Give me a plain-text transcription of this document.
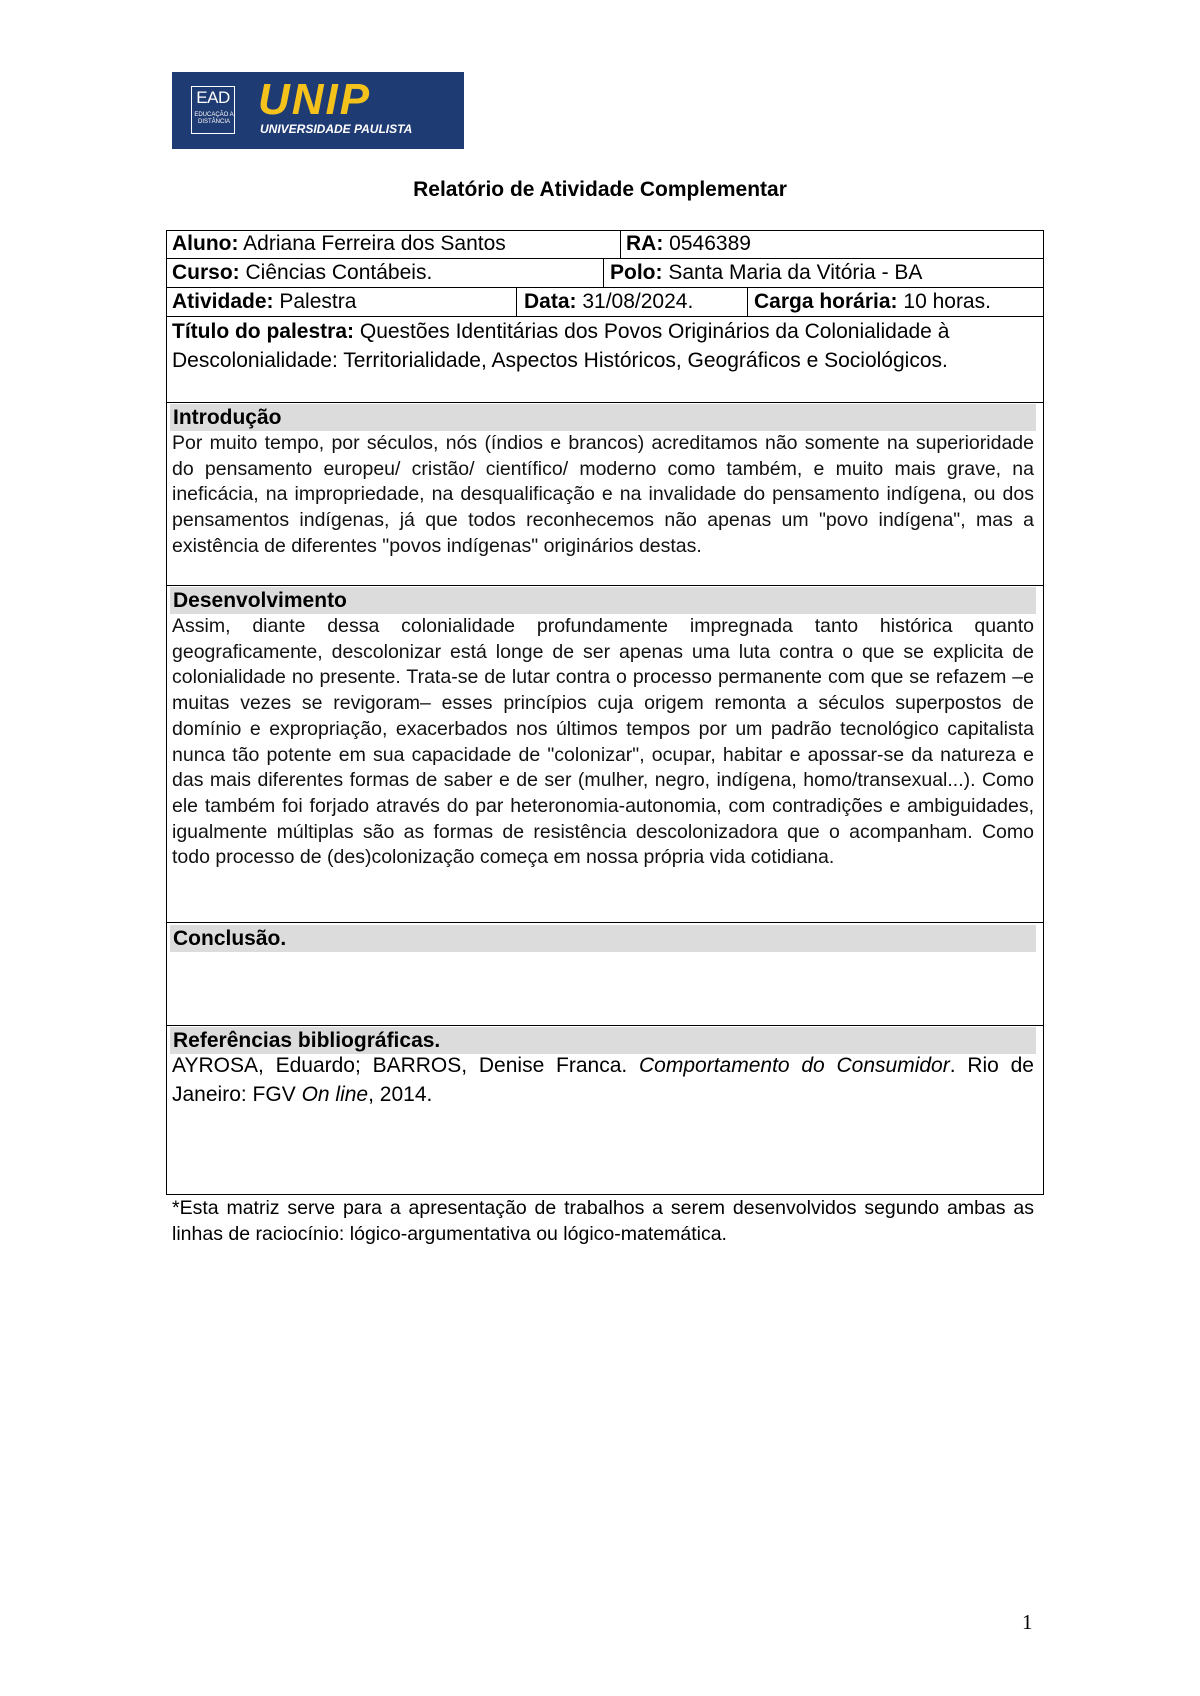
EAD
EDUCAÇÃO A DISTÂNCIA UNIP
UNIVERSIDADE PAULISTA
Relatório de Atividade Complementar
Aluno: Adriana Ferreira dos Santos	RA: 0546389
Curso: Ciências Contábeis.	Polo: Santa Maria da Vitória - BA
Atividade: Palestra	Data: 31/08/2024.	Carga horária: 10 horas.
Título do palestra: Questões Identitárias dos Povos Originários da Colonialidade à Descolonialidade: Territorialidade, Aspectos Históricos, Geográficos e Sociológicos.
Introdução
Por muito tempo, por séculos, nós (índios e brancos) acreditamos não somente na superioridade do pensamento europeu/ cristão/ científico/ moderno como também, e muito mais grave, na ineficácia, na impropriedade, na desqualificação e na invalidade do pensamento indígena, ou dos pensamentos indígenas, já que todos reconhecemos não apenas um "povo indígena", mas a existência de diferentes "povos indígenas" originários destas.
Desenvolvimento
Assim, diante dessa colonialidade profundamente impregnada tanto histórica quanto geograficamente, descolonizar está longe de ser apenas uma luta contra o que se explicita de colonialidade no presente. Trata-se de lutar contra o processo permanente com que se refazem –e muitas vezes se revigoram– esses princípios cuja origem remonta a séculos superpostos de domínio e expropriação, exacerbados nos últimos tempos por um padrão tecnológico capitalista nunca tão potente em sua capacidade de "colonizar", ocupar, habitar e apossar-se da natureza e das mais diferentes formas de saber e de ser (mulher, negro, indígena, homo/transexual...). Como ele também foi forjado através do par heteronomia-autonomia, com contradições e ambiguidades, igualmente múltiplas são as formas de resistência descolonizadora que o acompanham. Como todo processo de (des)colonização começa em nossa própria vida cotidiana.
Conclusão.
Referências bibliográficas.
AYROSA, Eduardo; BARROS, Denise Franca. Comportamento do Consumidor. Rio de Janeiro: FGV On line, 2014.
*Esta matriz serve para a apresentação de trabalhos a serem desenvolvidos segundo ambas as linhas de raciocínio: lógico-argumentativa ou lógico-matemática.
1
